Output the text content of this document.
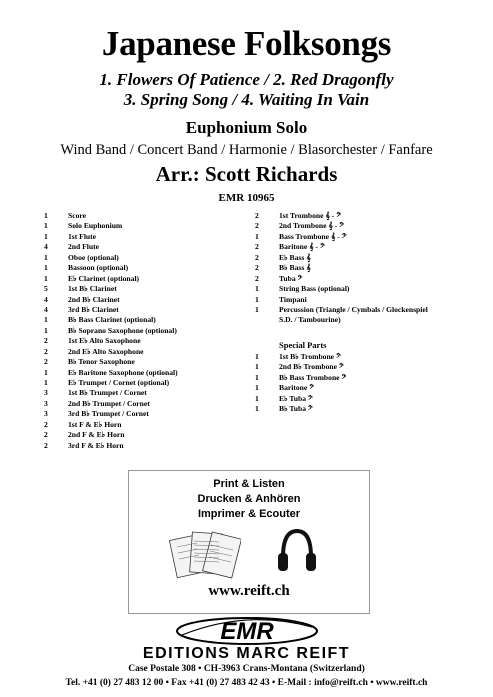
Japanese Folksongs
1. Flowers Of Patience / 2. Red Dragonfly
3. Spring Song / 4. Waiting In Vain
Euphonium Solo
Wind Band / Concert Band / Harmonie / Blasorchester / Fanfare
Arr.: Scott Richards
EMR 10965
1	Score
1	Solo Euphonium
1	1st Flute
4	2nd Flute
1	Oboe (optional)
1	Bassoon (optional)
1	E♭ Clarinet (optional)
5	1st B♭ Clarinet
4	2nd B♭ Clarinet
4	3rd B♭ Clarinet
1	B♭ Bass Clarinet (optional)
1	B♭ Soprano Saxophone (optional)
2	1st E♭ Alto Saxophone
2	2nd E♭ Alto Saxophone
2	B♭ Tenor Saxophone
1	E♭ Baritone Saxophone (optional)
1	E♭ Trumpet / Cornet (optional)
3	1st B♭ Trumpet / Cornet
3	2nd B♭ Trumpet / Cornet
3	3rd B♭ Trumpet / Cornet
2	1st F & E♭ Horn
2	2nd F & E♭ Horn
2	3rd F & E♭ Horn
2	1st Trombone 𝄞 - 𝄢
2	2nd Trombone 𝄞 - 𝄢
1	Bass Trombone 𝄞 - 𝄢
2	Baritone 𝄞 - 𝄢
2	E♭ Bass 𝄞
2	B♭ Bass 𝄞
2	Tuba 𝄢
1	String Bass (optional)
1	Timpani
1	Percussion (Triangle / Cymbals / Glockenspiel
S.D. / Tambourine)
Special Parts
1	1st B♭ Trombone 𝄢
1	2nd B♭ Trombone 𝄢
1	B♭ Bass Trombone 𝄢
1	Baritone 𝄢
1	E♭ Tuba 𝄢
1	B♭ Tuba 𝄢
Print & Listen
Drucken & Anhören
Imprimer & Ecouter
www.reift.ch
EMR
EDITIONS MARC REIFT
Case Postale 308 • CH-3963 Crans-Montana (Switzerland)
Tel. +41 (0) 27 483 12 00 • Fax +41 (0) 27 483 42 43 • E-Mail : info@reift.ch • www.reift.ch
